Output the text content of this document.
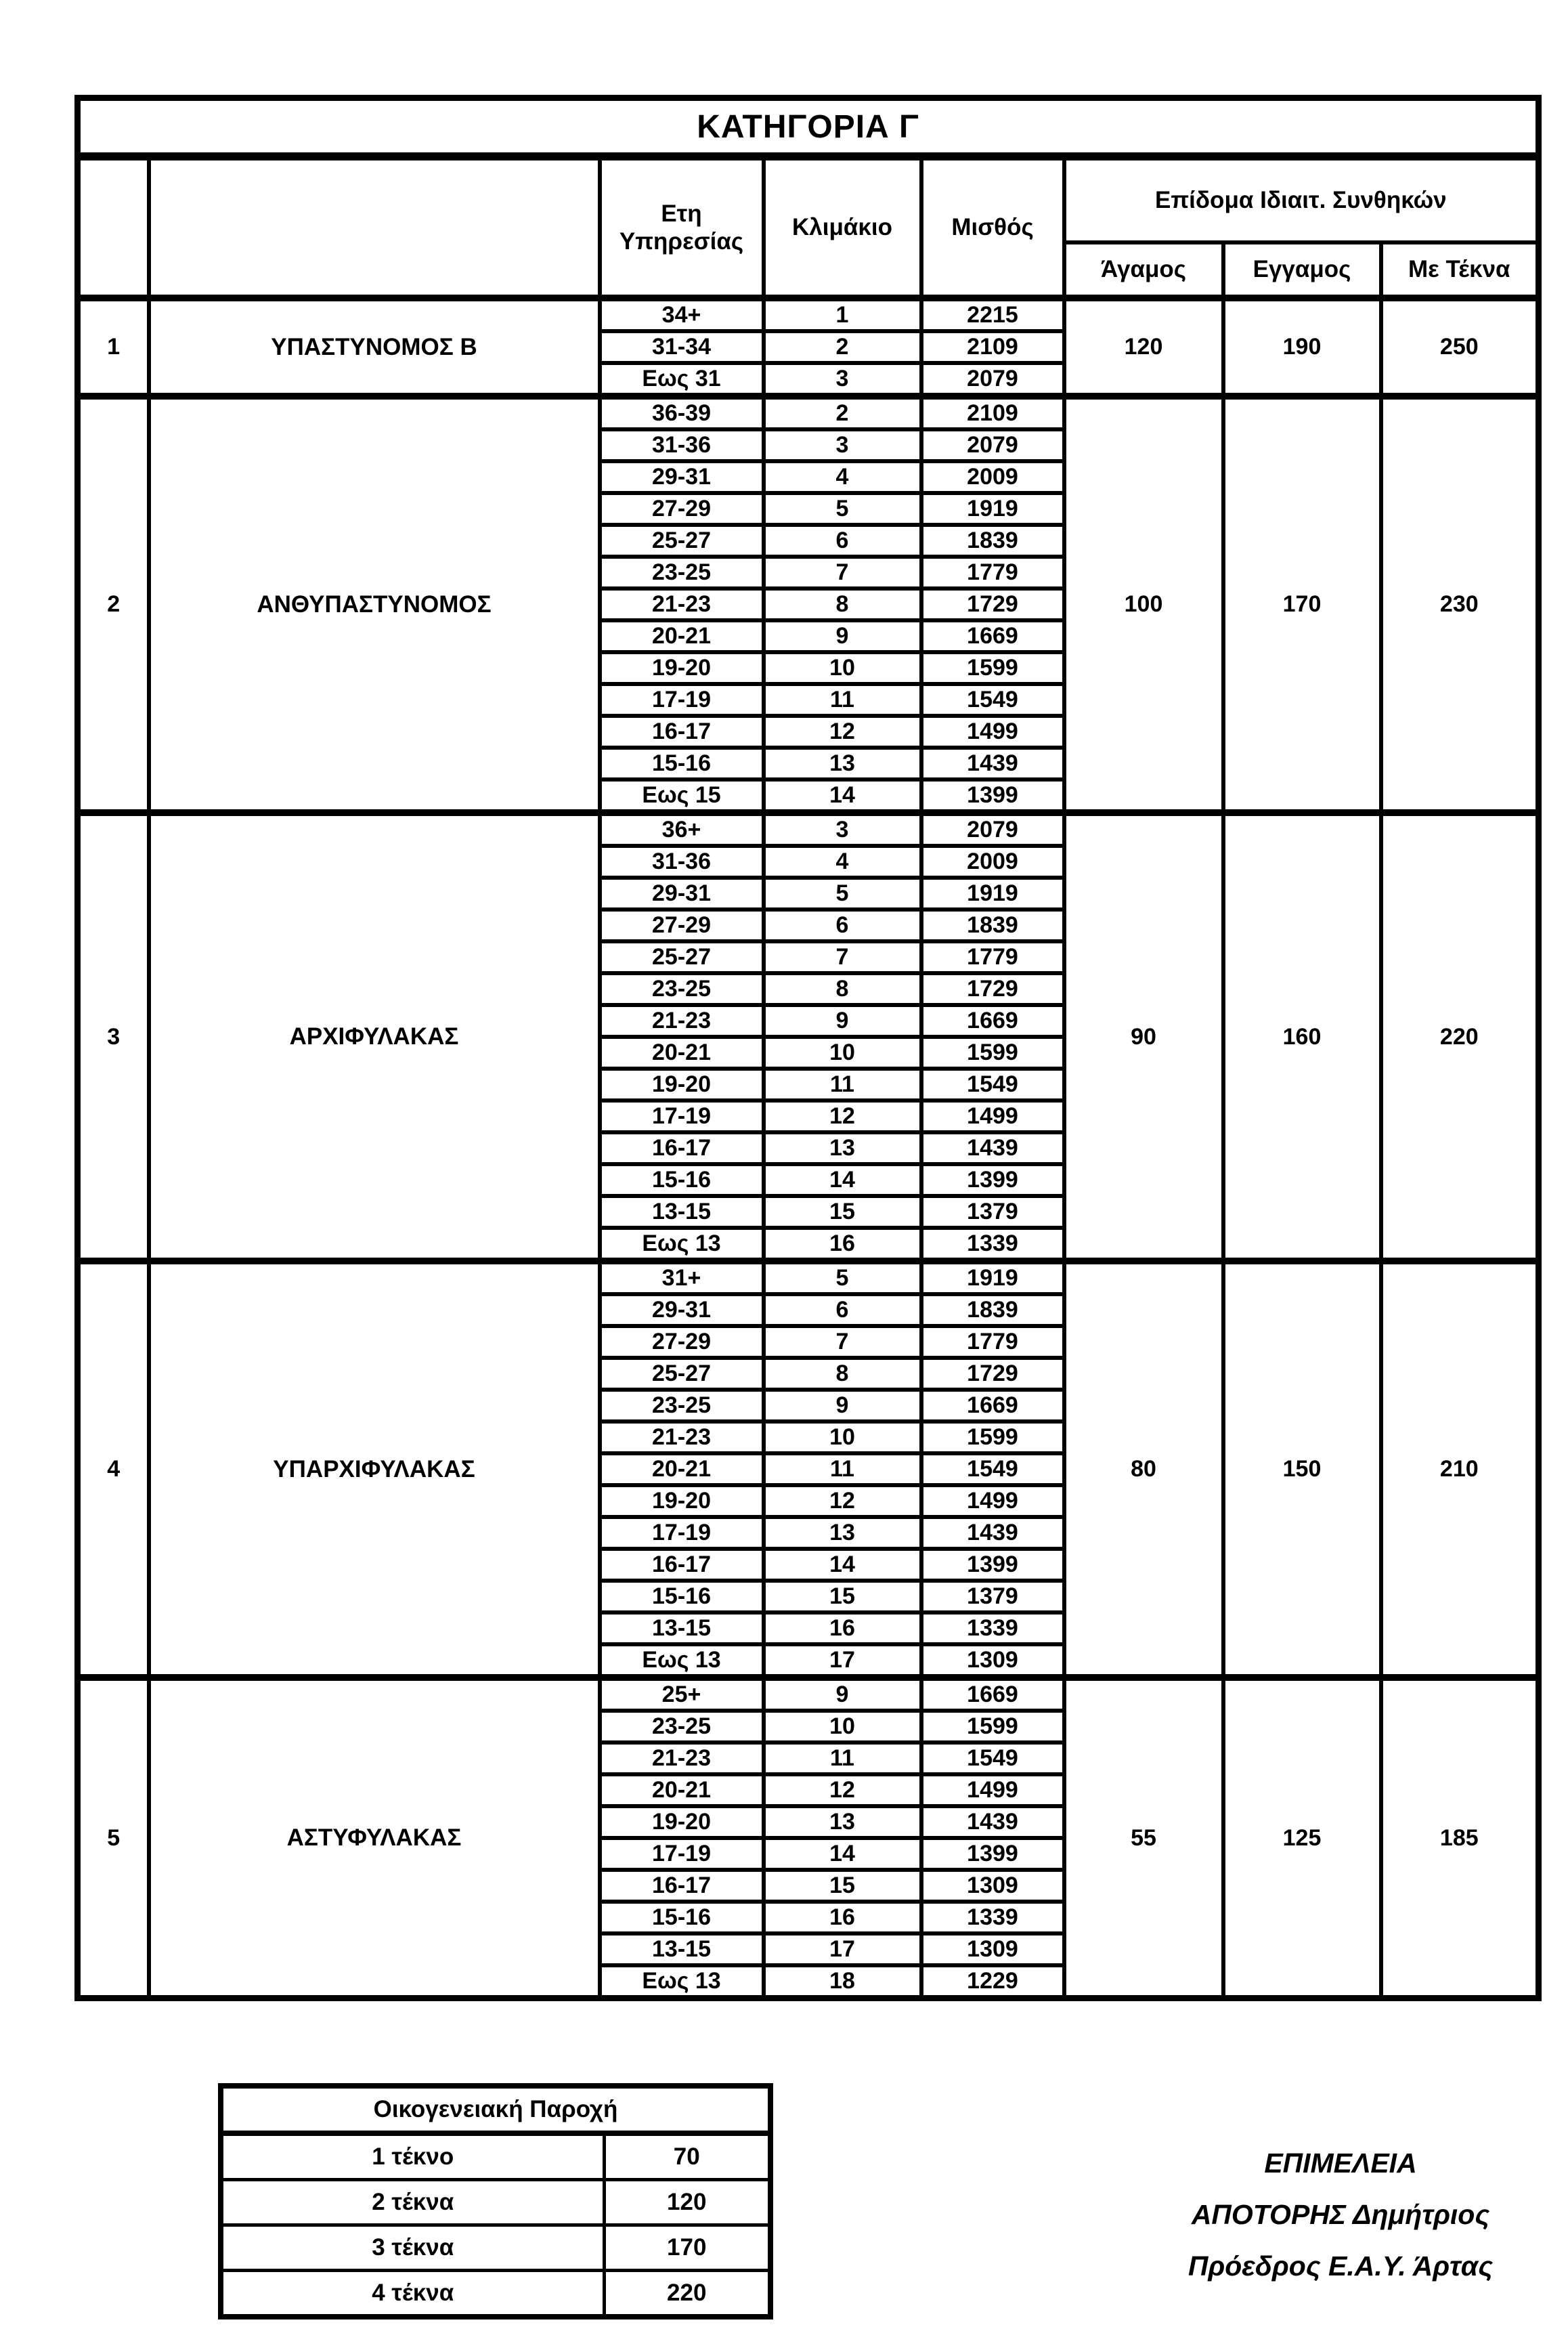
ΚΑΤΗΓΟΡΙΑ Γ							
		Ετη Υπηρεσίας	Κλιμάκιο	Μισθός	Επίδομα Ιδιαιτ. Συνθηκών		
					Άγαμος	Εγγαμος	Με Τέκνα
1	ΥΠΑΣΤΥΝΟΜΟΣ Β	34+	1	2215	120	190	250
		31-34	2	2109			
		Εως 31	3	2079			
2	ΑΝΘΥΠΑΣΤΥΝΟΜΟΣ	36-39	2	2109	100	170	230
		31-36	3	2079			
		29-31	4	2009			
		27-29	5	1919			
		25-27	6	1839			
		23-25	7	1779			
		21-23	8	1729			
		20-21	9	1669			
		19-20	10	1599			
		17-19	11	1549			
		16-17	12	1499			
		15-16	13	1439			
		Εως 15	14	1399			
3	ΑΡΧΙΦΥΛΑΚΑΣ	36+	3	2079	90	160	220
		31-36	4	2009			
		29-31	5	1919			
		27-29	6	1839			
		25-27	7	1779			
		23-25	8	1729			
		21-23	9	1669			
		20-21	10	1599			
		19-20	11	1549			
		17-19	12	1499			
		16-17	13	1439			
		15-16	14	1399			
		13-15	15	1379			
		Εως 13	16	1339			
4	ΥΠΑΡΧΙΦΥΛΑΚΑΣ	31+	5	1919	80	150	210
		29-31	6	1839			
		27-29	7	1779			
		25-27	8	1729			
		23-25	9	1669			
		21-23	10	1599			
		20-21	11	1549			
		19-20	12	1499			
		17-19	13	1439			
		16-17	14	1399			
		15-16	15	1379			
		13-15	16	1339			
		Εως 13	17	1309			
5	ΑΣΤΥΦΥΛΑΚΑΣ	25+	9	1669	55	125	185
		23-25	10	1599			
		21-23	11	1549			
		20-21	12	1499			
		19-20	13	1439			
		17-19	14	1399			
		16-17	15	1309			
		15-16	16	1339			
		13-15	17	1309			
		Εως 13	18	1229			
Οικογενειακή Παροχή	
1 τέκνο	70
2 τέκνα	120
3 τέκνα	170
4 τέκνα	220
ΕΠΙΜΕΛΕΙΑ
ΑΠΟΤΟΡΗΣ Δημήτριος
Πρόεδρος Ε.Α.Υ. Άρτας
